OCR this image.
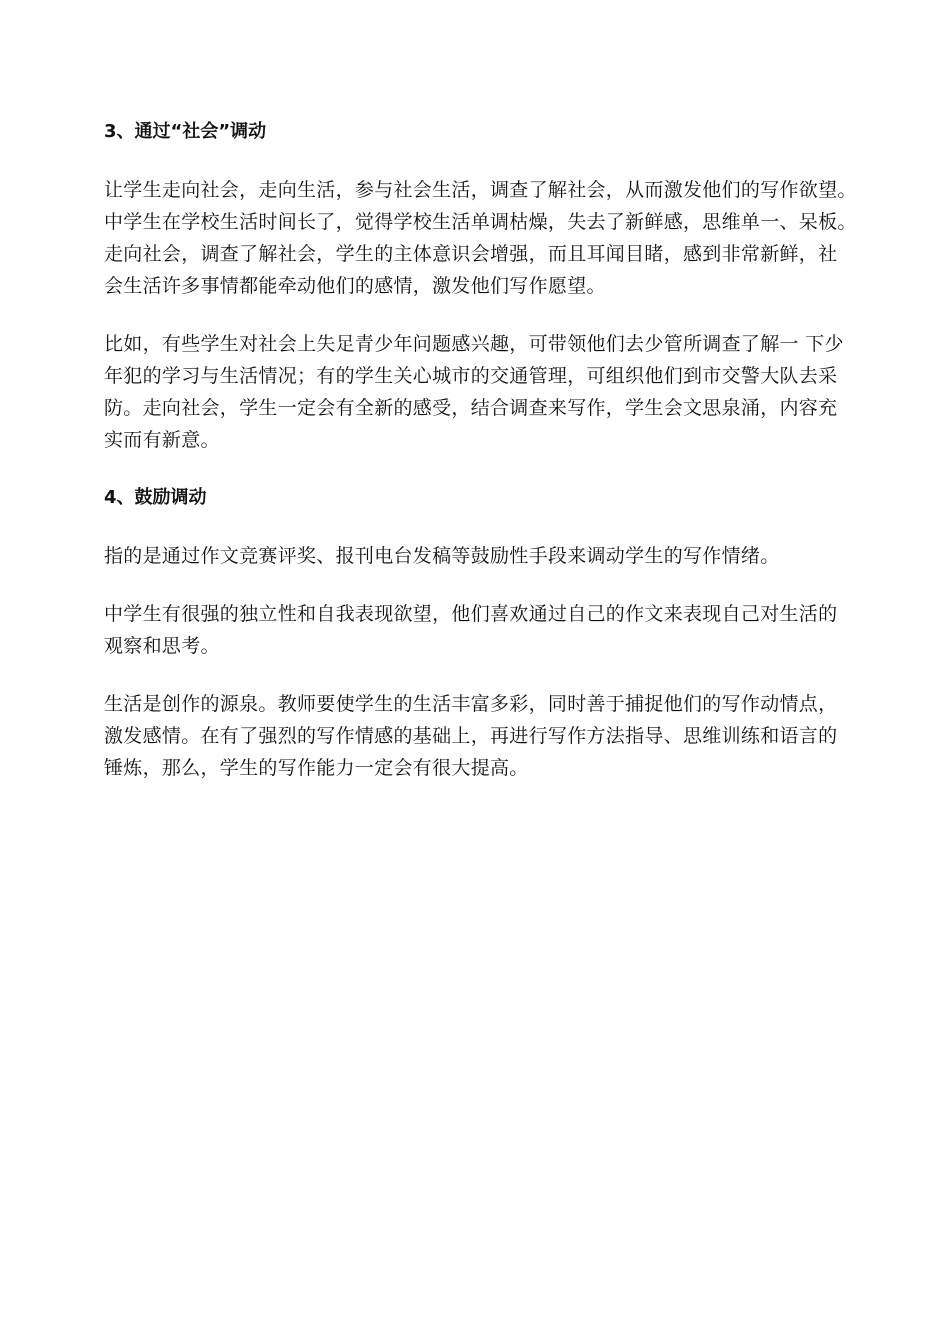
3、通过“社会”调动
让学生走向社会，走向生活，参与社会生活，调查了解社会，从而激发他们的写作欲望。
中学生在学校生活时间长了，觉得学校生活单调枯燥，失去了新鲜感，思维单一、呆板。
走向社会，调查了解社会，学生的主体意识会增强，而且耳闻目睹，感到非常新鲜，社
会生活许多事情都能牵动他们的感情，激发他们写作愿望。
比如，有些学生对社会上失足青少年问题感兴趣，可带领他们去少管所调查了解一 下少
年犯的学习与生活情况；有的学生关心城市的交通管理，可组织他们到市交警大队去采
防。走向社会，学生一定会有全新的感受，结合调查来写作，学生会文思泉涌，内容充
实而有新意。
4、鼓励调动
指的是通过作文竞赛评奖、报刊电台发稿等鼓励性手段来调动学生的写作情绪。
中学生有很强的独立性和自我表现欲望，他们喜欢通过自己的作文来表现自己对生活的
观察和思考。
生活是创作的源泉。教师要使学生的生活丰富多彩，同时善于捕捉他们的写作动情点，
激发感情。在有了强烈的写作情感的基础上，再进行写作方法指导、思维训练和语言的
锤炼，那么，学生的写作能力一定会有很大提高。
